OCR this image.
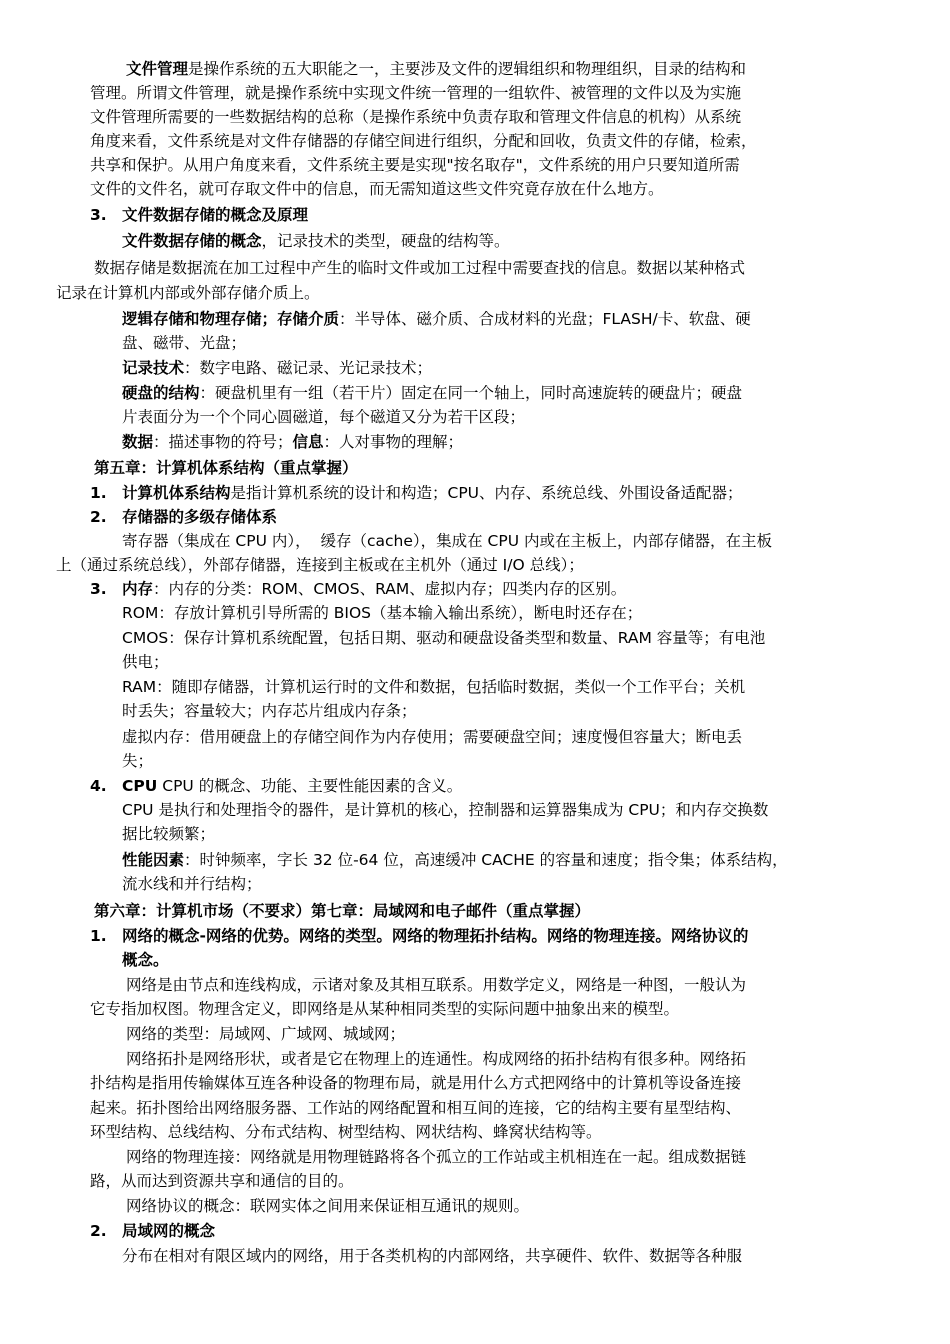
文件管理是操作系统的五大职能之一，主要涉及文件的逻辑组织和物理组织，目录的结构和

管理。所谓文件管理，就是操作系统中实现文件统一管理的一组软件、被管理的文件以及为实施

文件管理所需要的一些数据结构的总称（是操作系统中负责存取和管理文件信息的机构）从系统

角度来看，文件系统是对文件存储器的存储空间进行组织，分配和回收，负责文件的存储，检索，

共享和保护。从用户角度来看，文件系统主要是实现"按名取存"，文件系统的用户只要知道所需

文件的文件名，就可存取文件中的信息，而无需知道这些文件究竟存放在什么地方。

3. 文件数据存储的概念及原理

文件数据存储的概念，记录技术的类型，硬盘的结构等。

数据存储是数据流在加工过程中产生的临时文件或加工过程中需要查找的信息。数据以某种格式

记录在计算机内部或外部存储介质上。

逻辑存储和物理存储；存储介质：半导体、磁介质、合成材料的光盘；FLASH/卡、软盘、硬

盘、磁带、光盘；

记录技术：数字电路、磁记录、光记录技术；

硬盘的结构：硬盘机里有一组（若干片）固定在同一个轴上，同时高速旋转的硬盘片；硬盘

片表面分为一个个同心圆磁道，每个磁道又分为若干区段；

数据：描述事物的符号；信息：人对事物的理解；

第五章：计算机体系结构（重点掌握）

1. 计算机体系结构是指计算机系统的设计和构造；CPU、内存、系统总线、外围设备适配器；

2. 存储器的多级存储体系

寄存器（集成在 CPU 内），  缓存（cache），集成在 CPU 内或在主板上，内部存储器，在主板

上（通过系统总线），外部存储器，连接到主板或在主机外（通过 I/O 总线）；

3. 内存：内存的分类：ROM、CMOS、RAM、虚拟内存；四类内存的区别。

ROM：存放计算机引导所需的 BIOS（基本输入输出系统），断电时还存在；

CMOS：保存计算机系统配置，包括日期、驱动和硬盘设备类型和数量、RAM 容量等；有电池

供电；

RAM：随即存储器，计算机运行时的文件和数据，包括临时数据，类似一个工作平台；关机

时丢失；容量较大；内存芯片组成内存条；

虚拟内存：借用硬盘上的存储空间作为内存使用；需要硬盘空间；速度慢但容量大；断电丢

失；

4. CPU CPU 的概念、功能、主要性能因素的含义。

CPU 是执行和处理指令的器件，是计算机的核心，控制器和运算器集成为 CPU；和内存交换数

据比较频繁；

性能因素：时钟频率，字长 32 位-64 位，高速缓冲 CACHE 的容量和速度；指令集；体系结构，

流水线和并行结构；

第六章：计算机市场（不要求）第七章：局域网和电子邮件（重点掌握）

1. 网络的概念-网络的优势。网络的类型。网络的物理拓扑结构。网络的物理连接。网络协议的

概念。

网络是由节点和连线构成，示诸对象及其相互联系。用数学定义，网络是一种图，一般认为

它专指加权图。物理含定义，即网络是从某种相同类型的实际问题中抽象出来的模型。

网络的类型：局域网、广域网、城域网；

网络拓扑是网络形状，或者是它在物理上的连通性。构成网络的拓扑结构有很多种。网络拓

扑结构是指用传输媒体互连各种设备的物理布局，就是用什么方式把网络中的计算机等设备连接

起来。拓扑图给出网络服务器、工作站的网络配置和相互间的连接，它的结构主要有星型结构、

环型结构、总线结构、分布式结构、树型结构、网状结构、蜂窝状结构等。

网络的物理连接：网络就是用物理链路将各个孤立的工作站或主机相连在一起。组成数据链

路，从而达到资源共享和通信的目的。

网络协议的概念：联网实体之间用来保证相互通讯的规则。

2. 局域网的概念

分布在相对有限区域内的网络，用于各类机构的内部网络，共享硬件、软件、数据等各种服
